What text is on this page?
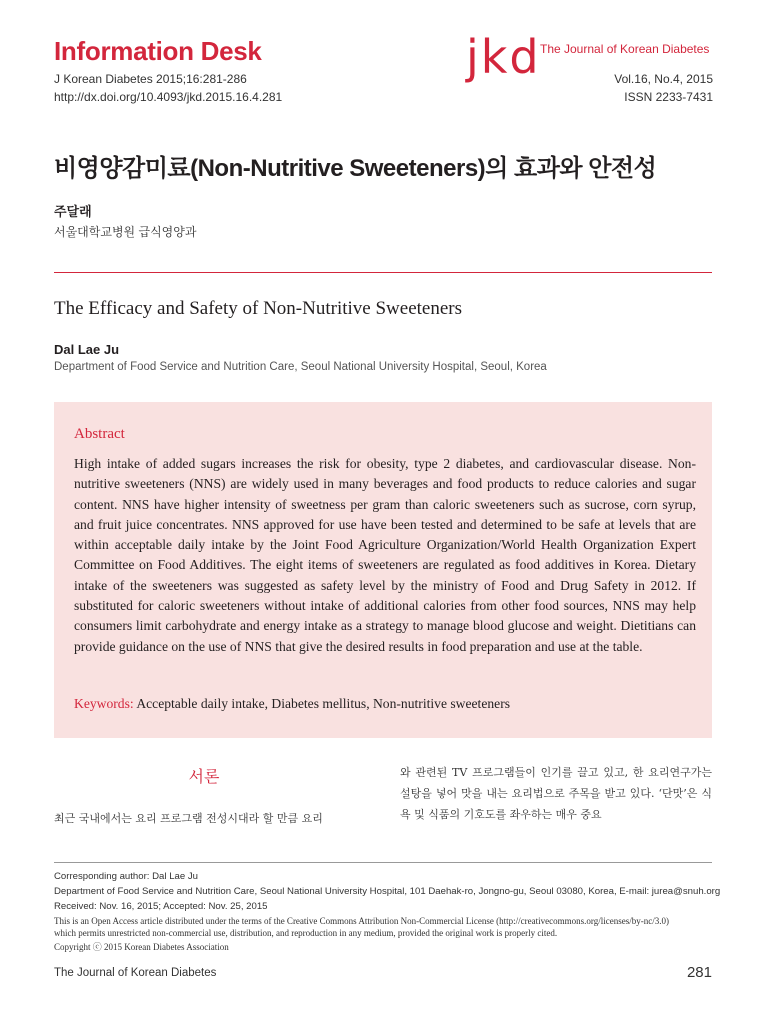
Information Desk
J Korean Diabetes 2015;16:281-286
http://dx.doi.org/10.4093/jkd.2015.16.4.281
jkd The Journal of Korean Diabetes
Vol.16, No.4, 2015
ISSN 2233-7431
비영양감미료(Non-Nutritive Sweeteners)의 효과와 안전성
주달래
서울대학교병원 급식영양과
The Efficacy and Safety of Non-Nutritive Sweeteners
Dal Lae Ju
Department of Food Service and Nutrition Care, Seoul National University Hospital, Seoul, Korea
Abstract
High intake of added sugars increases the risk for obesity, type 2 diabetes, and cardiovascular disease. Non-nutritive sweeteners (NNS) are widely used in many beverages and food products to reduce calories and sugar content. NNS have higher intensity of sweetness per gram than caloric sweeteners such as sucrose, corn syrup, and fruit juice concentrates. NNS approved for use have been tested and determined to be safe at levels that are within acceptable daily intake by the Joint Food Agriculture Organization/World Health Organization Expert Committee on Food Additives. The eight items of sweeteners are regulated as food additives in Korea. Dietary intake of the sweeteners was suggested as safety level by the ministry of Food and Drug Safety in 2012. If substituted for caloric sweeteners without intake of additional calories from other food sources, NNS may help consumers limit carbohydrate and energy intake as a strategy to manage blood glucose and weight. Dietitians can provide guidance on the use of NNS that give the desired results in food preparation and use at the table.
Keywords: Acceptable daily intake, Diabetes mellitus, Non-nutritive sweeteners
서론
최근 국내에서는 요리 프로그램 전성시대라 할 만큼 요리
와 관련된 TV 프로그램들이 인기를 끌고 있고, 한 요리연구가는 설탕을 넣어 맛을 내는 요리법으로 주목을 받고 있다. ‘단맛’은 식욕 및 식품의 기호도를 좌우하는 매우 중요
Corresponding author: Dal Lae Ju
Department of Food Service and Nutrition Care, Seoul National University Hospital, 101 Daehak-ro, Jongno-gu, Seoul 03080, Korea, E-mail: jurea@snuh.org
Received: Nov. 16, 2015; Accepted: Nov. 25, 2015
This is an Open Access article distributed under the terms of the Creative Commons Attribution Non-Commercial License (http://creativecommons.org/licenses/by-nc/3.0)
which permits unrestricted non-commercial use, distribution, and reproduction in any medium, provided the original work is properly cited.
Copyright ⓒ 2015 Korean Diabetes Association
The Journal of Korean Diabetes	281
